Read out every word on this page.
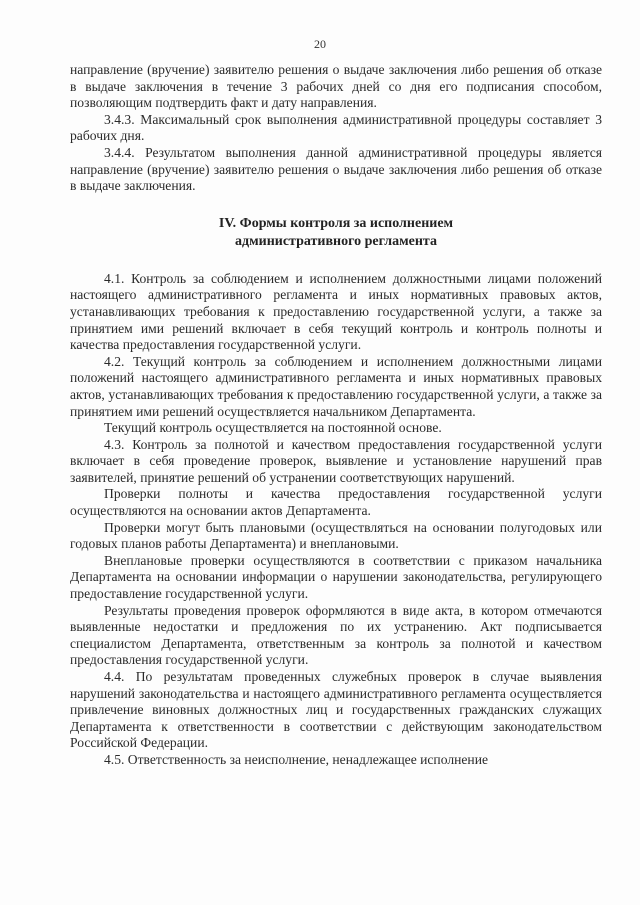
20

направление (вручение) заявителю решения о выдаче заключения либо решения об отказе в выдаче заключения в течение 3 рабочих дней со дня его подписания способом, позволяющим подтвердить факт и дату направления.

3.4.3. Максимальный срок выполнения административной процедуры составляет 3 рабочих дня.

3.4.4. Результатом выполнения данной административной процедуры является направление (вручение) заявителю решения о выдаче заключения либо решения об отказе в выдаче заключения.

IV. Формы контроля за исполнением
административного регламента

4.1. Контроль за соблюдением и исполнением должностными лицами положений настоящего административного регламента и иных нормативных правовых актов, устанавливающих требования к предоставлению государственной услуги, а также за принятием ими решений включает в себя текущий контроль и контроль полноты и качества предоставления государственной услуги.

4.2. Текущий контроль за соблюдением и исполнением должностными лицами положений настоящего административного регламента и иных нормативных правовых актов, устанавливающих требования к предоставлению государственной услуги, а также за принятием ими решений осуществляется начальником Департамента.

Текущий контроль осуществляется на постоянной основе.

4.3. Контроль за полнотой и качеством предоставления государственной услуги включает в себя проведение проверок, выявление и установление нарушений прав заявителей, принятие решений об устранении соответствующих нарушений.

Проверки полноты и качества предоставления государственной услуги осуществляются на основании актов Департамента.

Проверки могут быть плановыми (осуществляться на основании полугодовых или годовых планов работы Департамента) и внеплановыми.

Внеплановые проверки осуществляются в соответствии с приказом начальника Департамента на основании информации о нарушении законодательства, регулирующего предоставление государственной услуги.

Результаты проведения проверок оформляются в виде акта, в котором отмечаются выявленные недостатки и предложения по их устранению. Акт подписывается специалистом Департамента, ответственным за контроль за полнотой и качеством предоставления государственной услуги.

4.4. По результатам проведенных служебных проверок в случае выявления нарушений законодательства и настоящего административного регламента осуществляется привлечение виновных должностных лиц и государственных гражданских служащих Департамента к ответственности в соответствии с действующим законодательством Российской Федерации.

4.5. Ответственность за неисполнение, ненадлежащее исполнение
